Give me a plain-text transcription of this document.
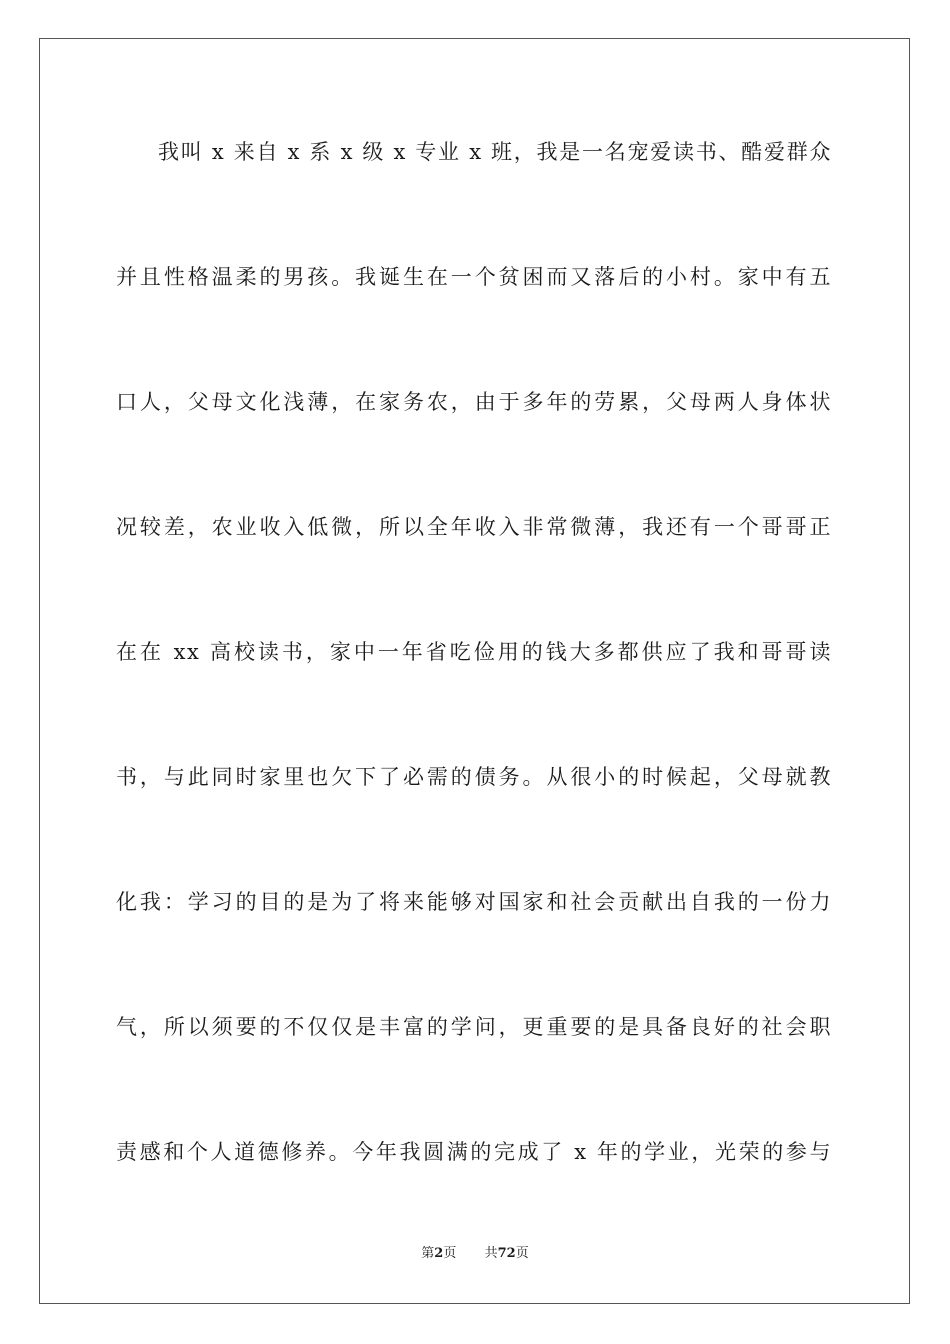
我叫 x 来自 x 系 x 级 x 专业 x 班，我是一名宠爱读书、酷爱群众
并且性格温柔的男孩。我诞生在一个贫困而又落后的小村。家中有五
口人，父母文化浅薄，在家务农，由于多年的劳累，父母两人身体状
况较差，农业收入低微，所以全年收入非常微薄，我还有一个哥哥正
在在 xx 高校读书，家中一年省吃俭用的钱大多都供应了我和哥哥读
书，与此同时家里也欠下了必需的债务。从很小的时候起，父母就教
化我：学习的目的是为了将来能够对国家和社会贡献出自我的一份力
气，所以须要的不仅仅是丰富的学问，更重要的是具备良好的社会职
责感和个人道德修养。今年我圆满的完成了 x 年的学业，光荣的参与
第2页 共72页
